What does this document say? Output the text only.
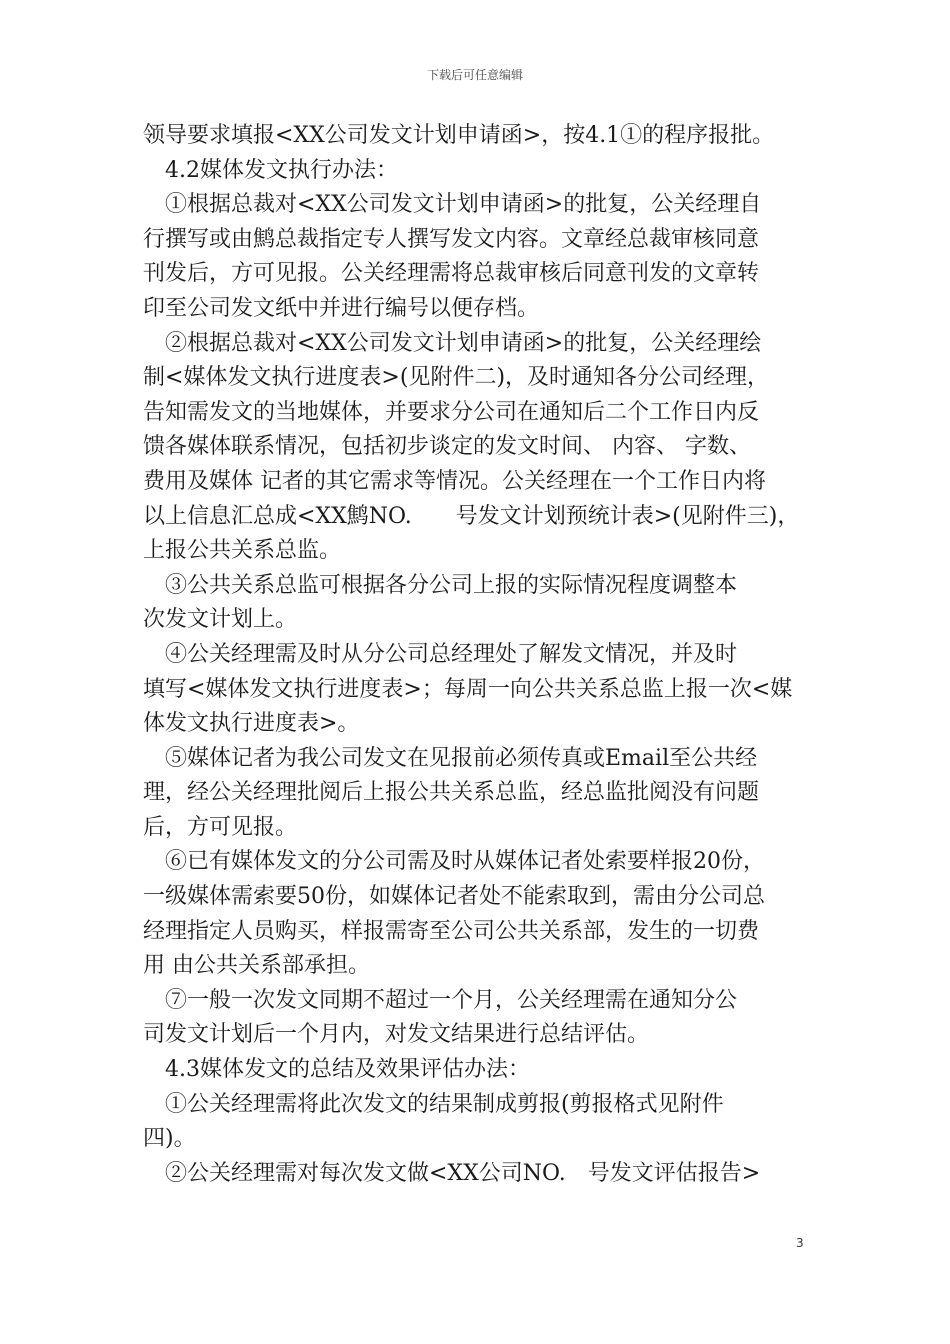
下载后可任意编辑
领导要求填报<XX公司发文计划申请函>，按4.1①的程序报批。
　4.2媒体发文执行办法：
　①根据总裁对<XX公司发文计划申请函>的批复，公关经理自
行撰写或由鹪总裁指定专人撰写发文内容。文章经总裁审核同意
刊发后，方可见报。公关经理需将总裁审核后同意刊发的文章转
印至公司发文纸中并进行编号以便存档。
　②根据总裁对<XX公司发文计划申请函>的批复，公关经理绘
制<媒体发文执行进度表>(见附件二)，及时通知各分公司经理，
告知需发文的当地媒体，并要求分公司在通知后二个工作日内反
馈各媒体联系情况，包括初步谈定的发文时间、 内容、 字数、
费用及媒体 记者的其它需求等情况。公关经理在一个工作日内将
以上信息汇总成<XX鹪NO.　　号发文计划预统计表>(见附件三)，
上报公共关系总监。
　③公共关系总监可根据各分公司上报的实际情况程度调整本
次发文计划上。
　④公关经理需及时从分公司总经理处了解发文情况，并及时
填写<媒体发文执行进度表>；每周一向公共关系总监上报一次<媒
体发文执行进度表>。
　⑤媒体记者为我公司发文在见报前必须传真或Email至公共经
理，经公关经理批阅后上报公共关系总监，经总监批阅没有问题
后，方可见报。
　⑥已有媒体发文的分公司需及时从媒体记者处索要样报20份，
一级媒体需索要50份，如媒体记者处不能索取到，需由分公司总
经理指定人员购买，样报需寄至公司公共关系部，发生的一切费
用 由公共关系部承担。
　⑦一般一次发文同期不超过一个月，公关经理需在通知分公
司发文计划后一个月内，对发文结果进行总结评估。
　4.3媒体发文的总结及效果评估办法：
　①公关经理需将此次发文的结果制成剪报(剪报格式见附件
四)。
　②公关经理需对每次发文做<XX公司NO.　号发文评估报告>
3
